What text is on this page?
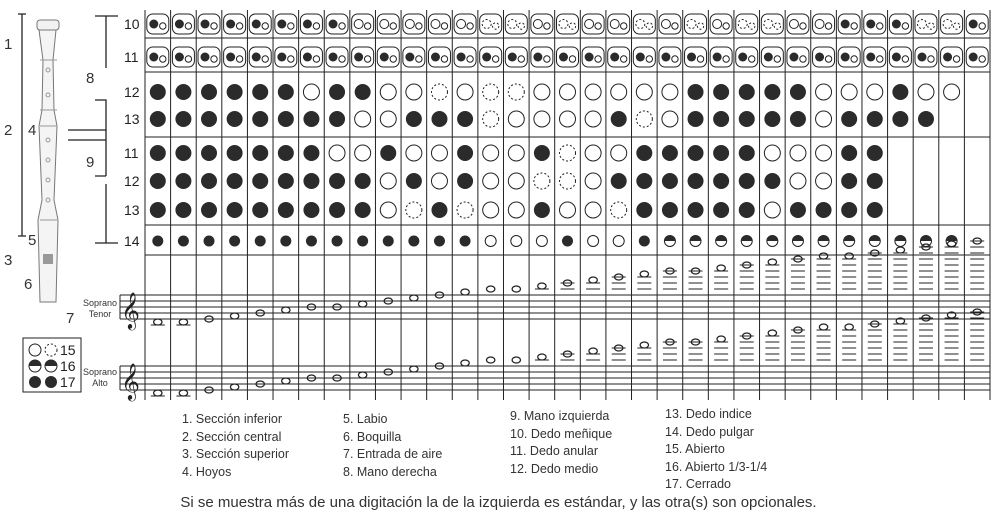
10
11
12
13
11
12
13
14
𝄞
𝄞
15
16
17
1
2 4
5
3
6
7
8
9
Soprano
Tenor
Soprano
Alto
1. Sección inferior
2. Sección central
3. Sección superior
4. Hoyos
5. Labio
6. Boquilla
7. Entrada de aire
8. Mano derecha
9. Mano izquierda
10. Dedo meñique
11. Dedo anular
12. Dedo medio
13. Dedo indice
14. Dedo pulgar
15. Abierto
16. Abierto 1/3-1/4
17. Cerrado
Si se muestra más de una digitación la de la izquierda es estándar, y las otra(s) son opcionales.
